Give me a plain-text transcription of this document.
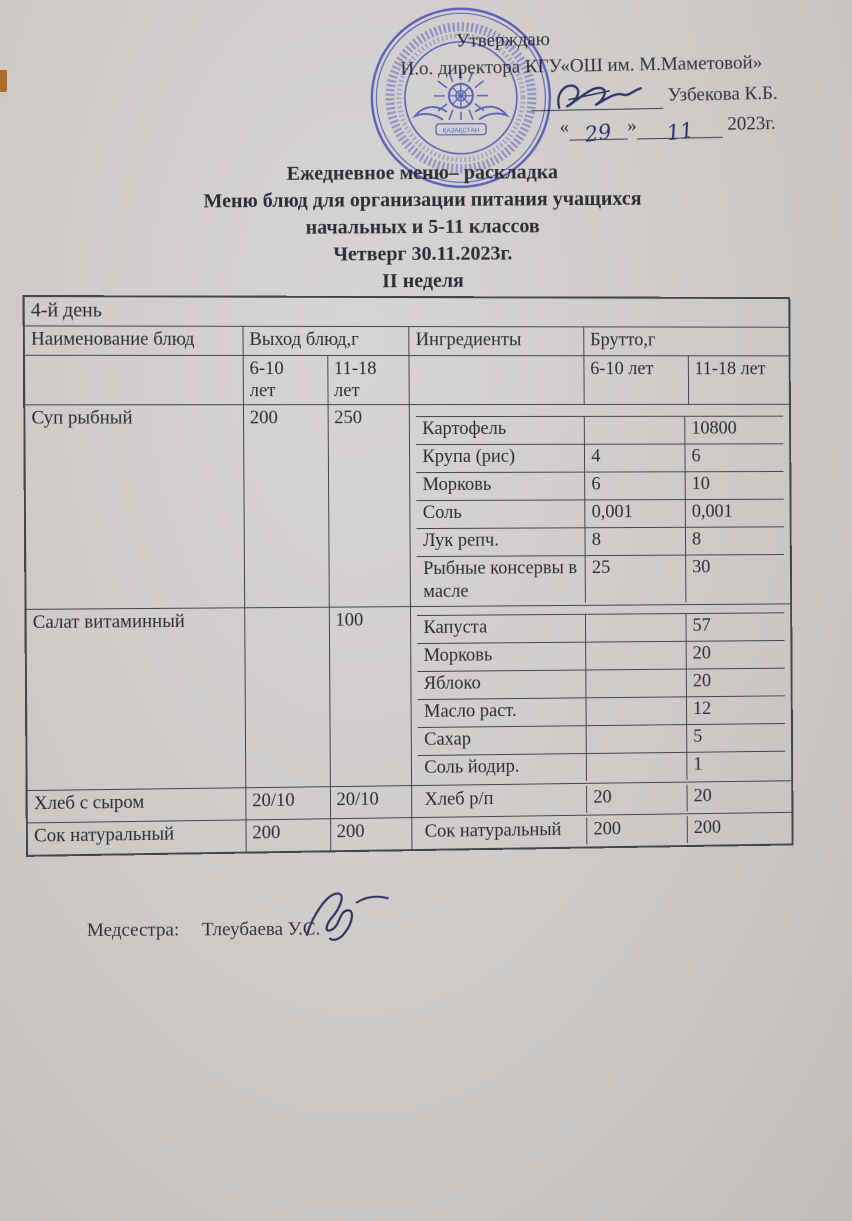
Утверждаю
И.о. директора КГУ«ОШ им. М.Маметовой»
Узбекова К.Б.
« 29 » 11 2023г.
ҚАЗАҚСТАН
Ежедневное меню– раскладка
Меню блюд для организации питания учащихся
начальных и 5-11 классов
Четверг 30.11.2023г.
II неделя
4-й день
Наименование блюд	Выход блюд,г	Ингредиенты	Брутто,г
	6-10 лет	11-18 лет		6-10 лет	11-18 лет
Суп рыбный	200	250	
Картофель		10800
Крупа (рис)	4	6
Морковь	6	10
Соль	0,001	0,001
Лук репч.	8	8
Рыбные консервы в масле	25	30

Салат витаминный		100		Капуста		57
Морковь		20
Яблоко		20
Масло раст.		12
Сахар		5
Соль йодир.		1

Хлеб с сыром	20/10	20/10	Хлеб р/п	20	20

Сок натуральный	200	200		Сок натуральный	200	200
Медсестра: Тлеубаева У.С.
